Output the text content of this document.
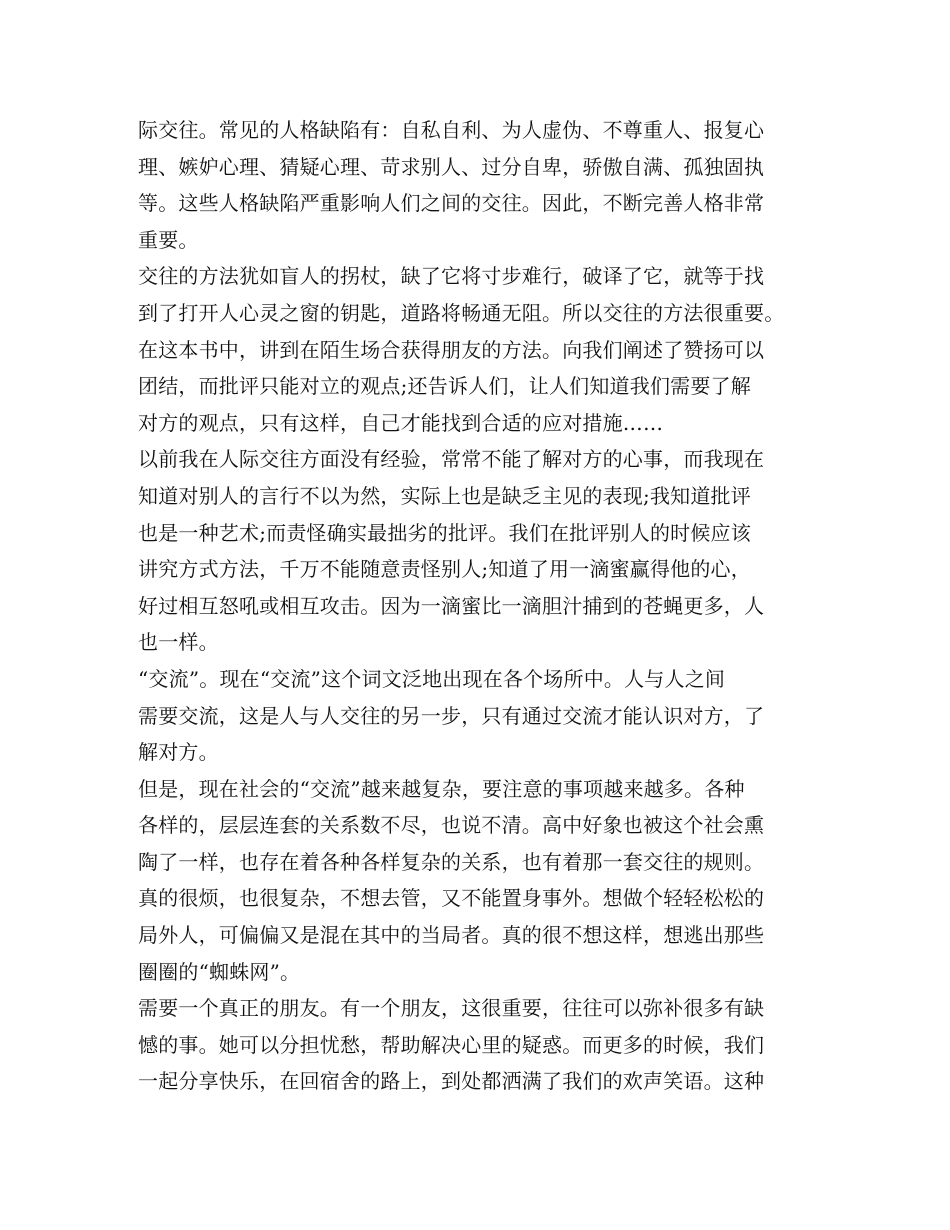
际交往。常见的人格缺陷有：自私自利、为人虚伪、不尊重人、报复心
理、嫉妒心理、猜疑心理、苛求别人、过分自卑，骄傲自满、孤独固执
等。这些人格缺陷严重影响人们之间的交往。因此，不断完善人格非常
重要。
交往的方法犹如盲人的拐杖，缺了它将寸步难行，破译了它，就等于找
到了打开人心灵之窗的钥匙，道路将畅通无阻。所以交往的方法很重要。
在这本书中，讲到在陌生场合获得朋友的方法。向我们阐述了赞扬可以
团结，而批评只能对立的观点;还告诉人们，让人们知道我们需要了解
对方的观点，只有这样，自己才能找到合适的应对措施……
以前我在人际交往方面没有经验，常常不能了解对方的心事，而我现在
知道对别人的言行不以为然，实际上也是缺乏主见的表现;我知道批评
也是一种艺术;而责怪确实最拙劣的批评。我们在批评别人的时候应该
讲究方式方法，千万不能随意责怪别人;知道了用一滴蜜赢得他的心，
好过相互怒吼或相互攻击。因为一滴蜜比一滴胆汁捕到的苍蝇更多，人
也一样。
“交流”。现在“交流”这个词文泛地出现在各个场所中。人与人之间
需要交流，这是人与人交往的另一步，只有通过交流才能认识对方，了
解对方。
但是，现在社会的“交流”越来越复杂，要注意的事项越来越多。各种
各样的，层层连套的关系数不尽，也说不清。高中好象也被这个社会熏
陶了一样，也存在着各种各样复杂的关系，也有着那一套交往的规则。
真的很烦，也很复杂，不想去管，又不能置身事外。想做个轻轻松松的
局外人，可偏偏又是混在其中的当局者。真的很不想这样，想逃出那些
圈圈的“蜘蛛网”。
需要一个真正的朋友。有一个朋友，这很重要，往往可以弥补很多有缺
憾的事。她可以分担忧愁，帮助解决心里的疑惑。而更多的时候，我们
一起分享快乐，在回宿舍的路上，到处都洒满了我们的欢声笑语。这种
